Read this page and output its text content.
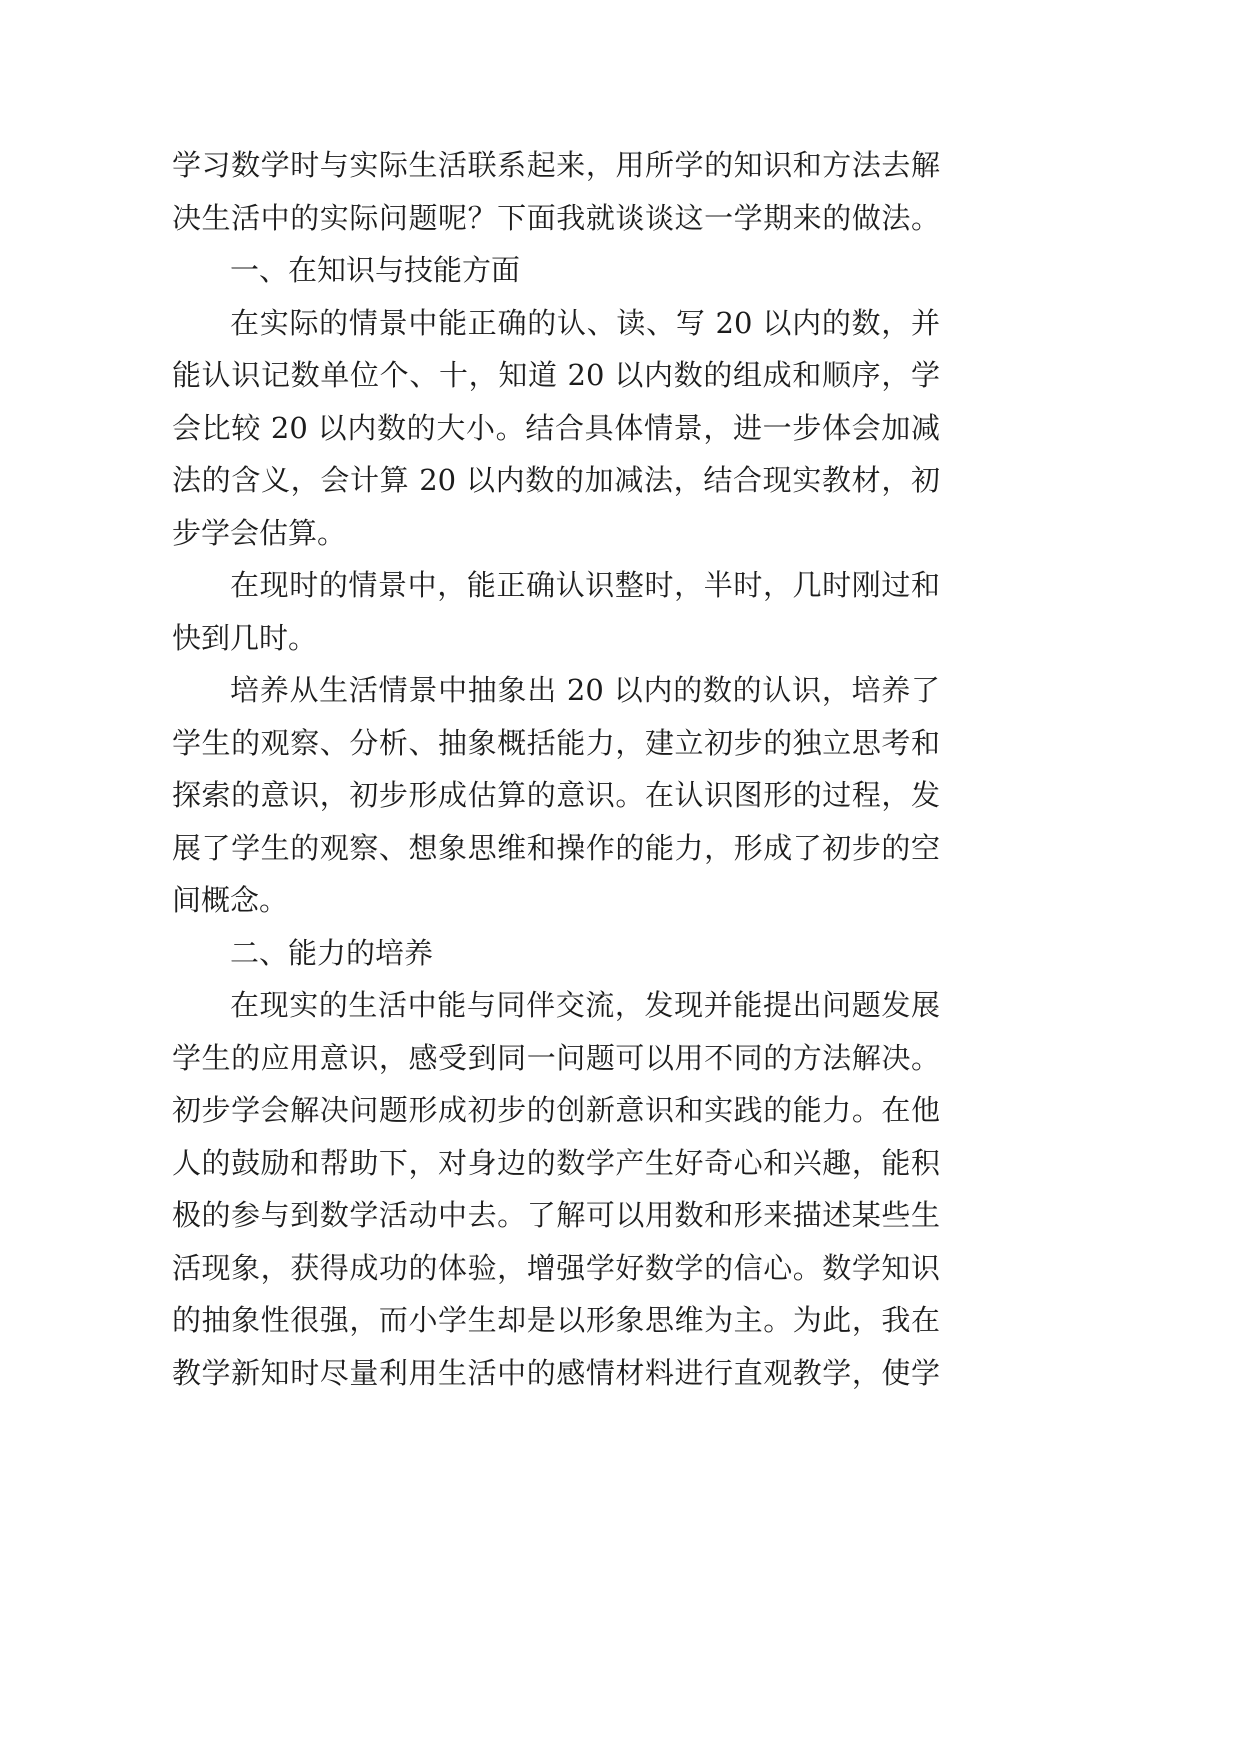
学习数学时与实际生活联系起来，用所学的知识和方法去解
决生活中的实际问题呢？下面我就谈谈这一学期来的做法。
一、在知识与技能方面
在实际的情景中能正确的认、读、写 20 以内的数，并
能认识记数单位个、十，知道 20 以内数的组成和顺序，学
会比较 20 以内数的大小。结合具体情景，进一步体会加减
法的含义，会计算 20 以内数的加减法，结合现实教材，初
步学会估算。
在现时的情景中，能正确认识整时，半时，几时刚过和
快到几时。
培养从生活情景中抽象出 20 以内的数的认识，培养了
学生的观察、分析、抽象概括能力，建立初步的独立思考和
探索的意识，初步形成估算的意识。在认识图形的过程，发
展了学生的观察、想象思维和操作的能力，形成了初步的空
间概念。
二、能力的培养
在现实的生活中能与同伴交流，发现并能提出问题发展
学生的应用意识，感受到同一问题可以用不同的方法解决。
初步学会解决问题形成初步的创新意识和实践的能力。在他
人的鼓励和帮助下，对身边的数学产生好奇心和兴趣，能积
极的参与到数学活动中去。了解可以用数和形来描述某些生
活现象，获得成功的体验，增强学好数学的信心。数学知识
的抽象性很强，而小学生却是以形象思维为主。为此，我在
教学新知时尽量利用生活中的感情材料进行直观教学，使学
